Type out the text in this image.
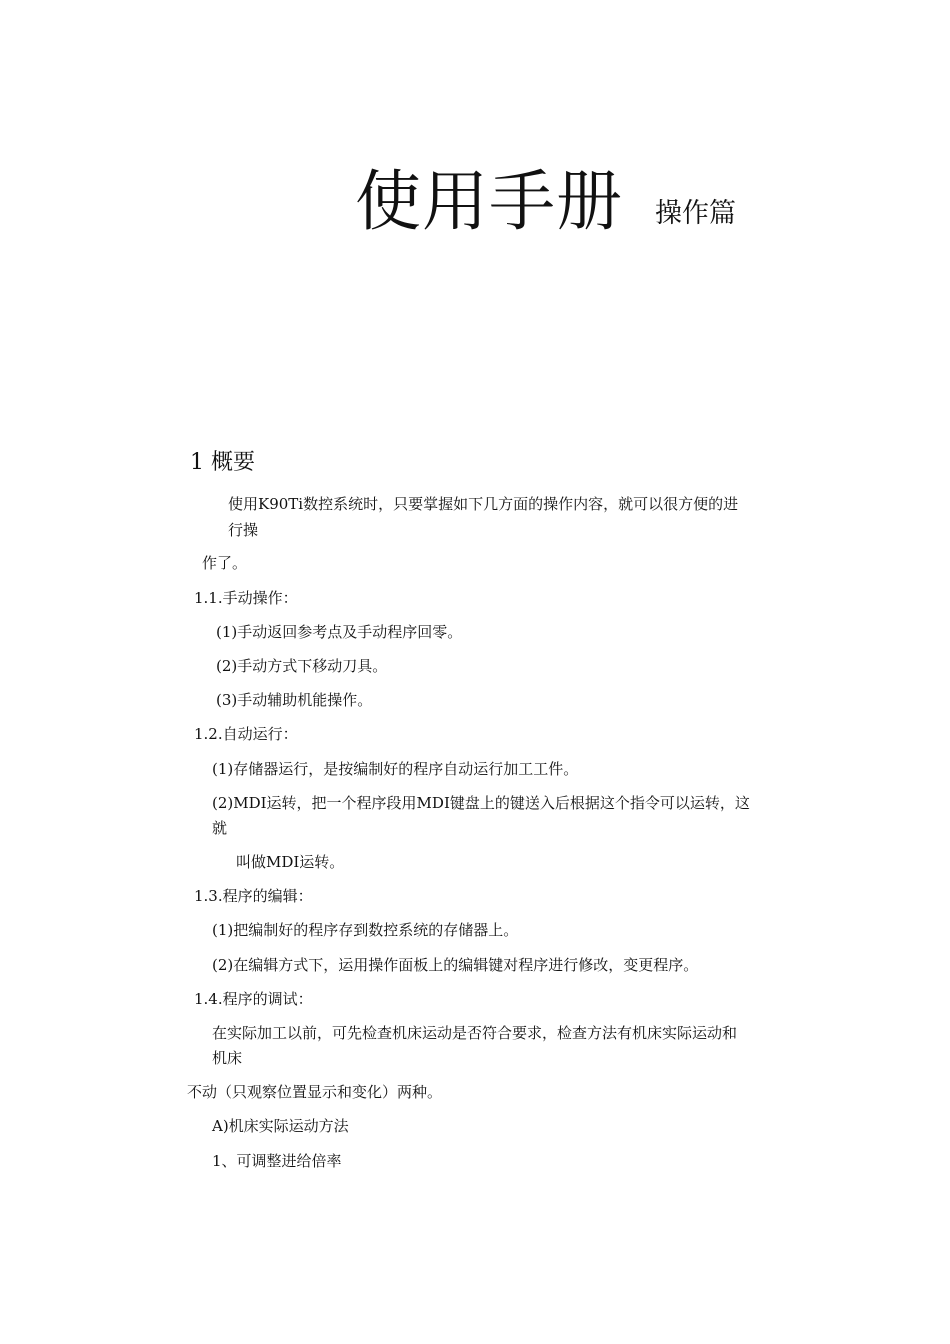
使用手册 操作篇
1 概要
使用K90Ti数控系统时，只要掌握如下几方面的操作内容，就可以很方便的进
行操
作了。
1.1.手动操作：
(1)手动返回参考点及手动程序回零。
(2)手动方式下移动刀具。
(3)手动辅助机能操作。
1.2.自动运行：
(1)存储器运行，是按编制好的程序自动运行加工工件。
(2)MDI运转，把一个程序段用MDI键盘上的键送入后根据这个指令可以运转，这
就
叫做MDI运转。
1.3.程序的编辑：
(1)把编制好的程序存到数控系统的存储器上。
(2)在编辑方式下，运用操作面板上的编辑键对程序进行修改，变更程序。
1.4.程序的调试：
在实际加工以前，可先检查机床运动是否符合要求，检查方法有机床实际运动和
机床
不动（只观察位置显示和变化）两种。
A)机床实际运动方法
1、可调整进给倍率
